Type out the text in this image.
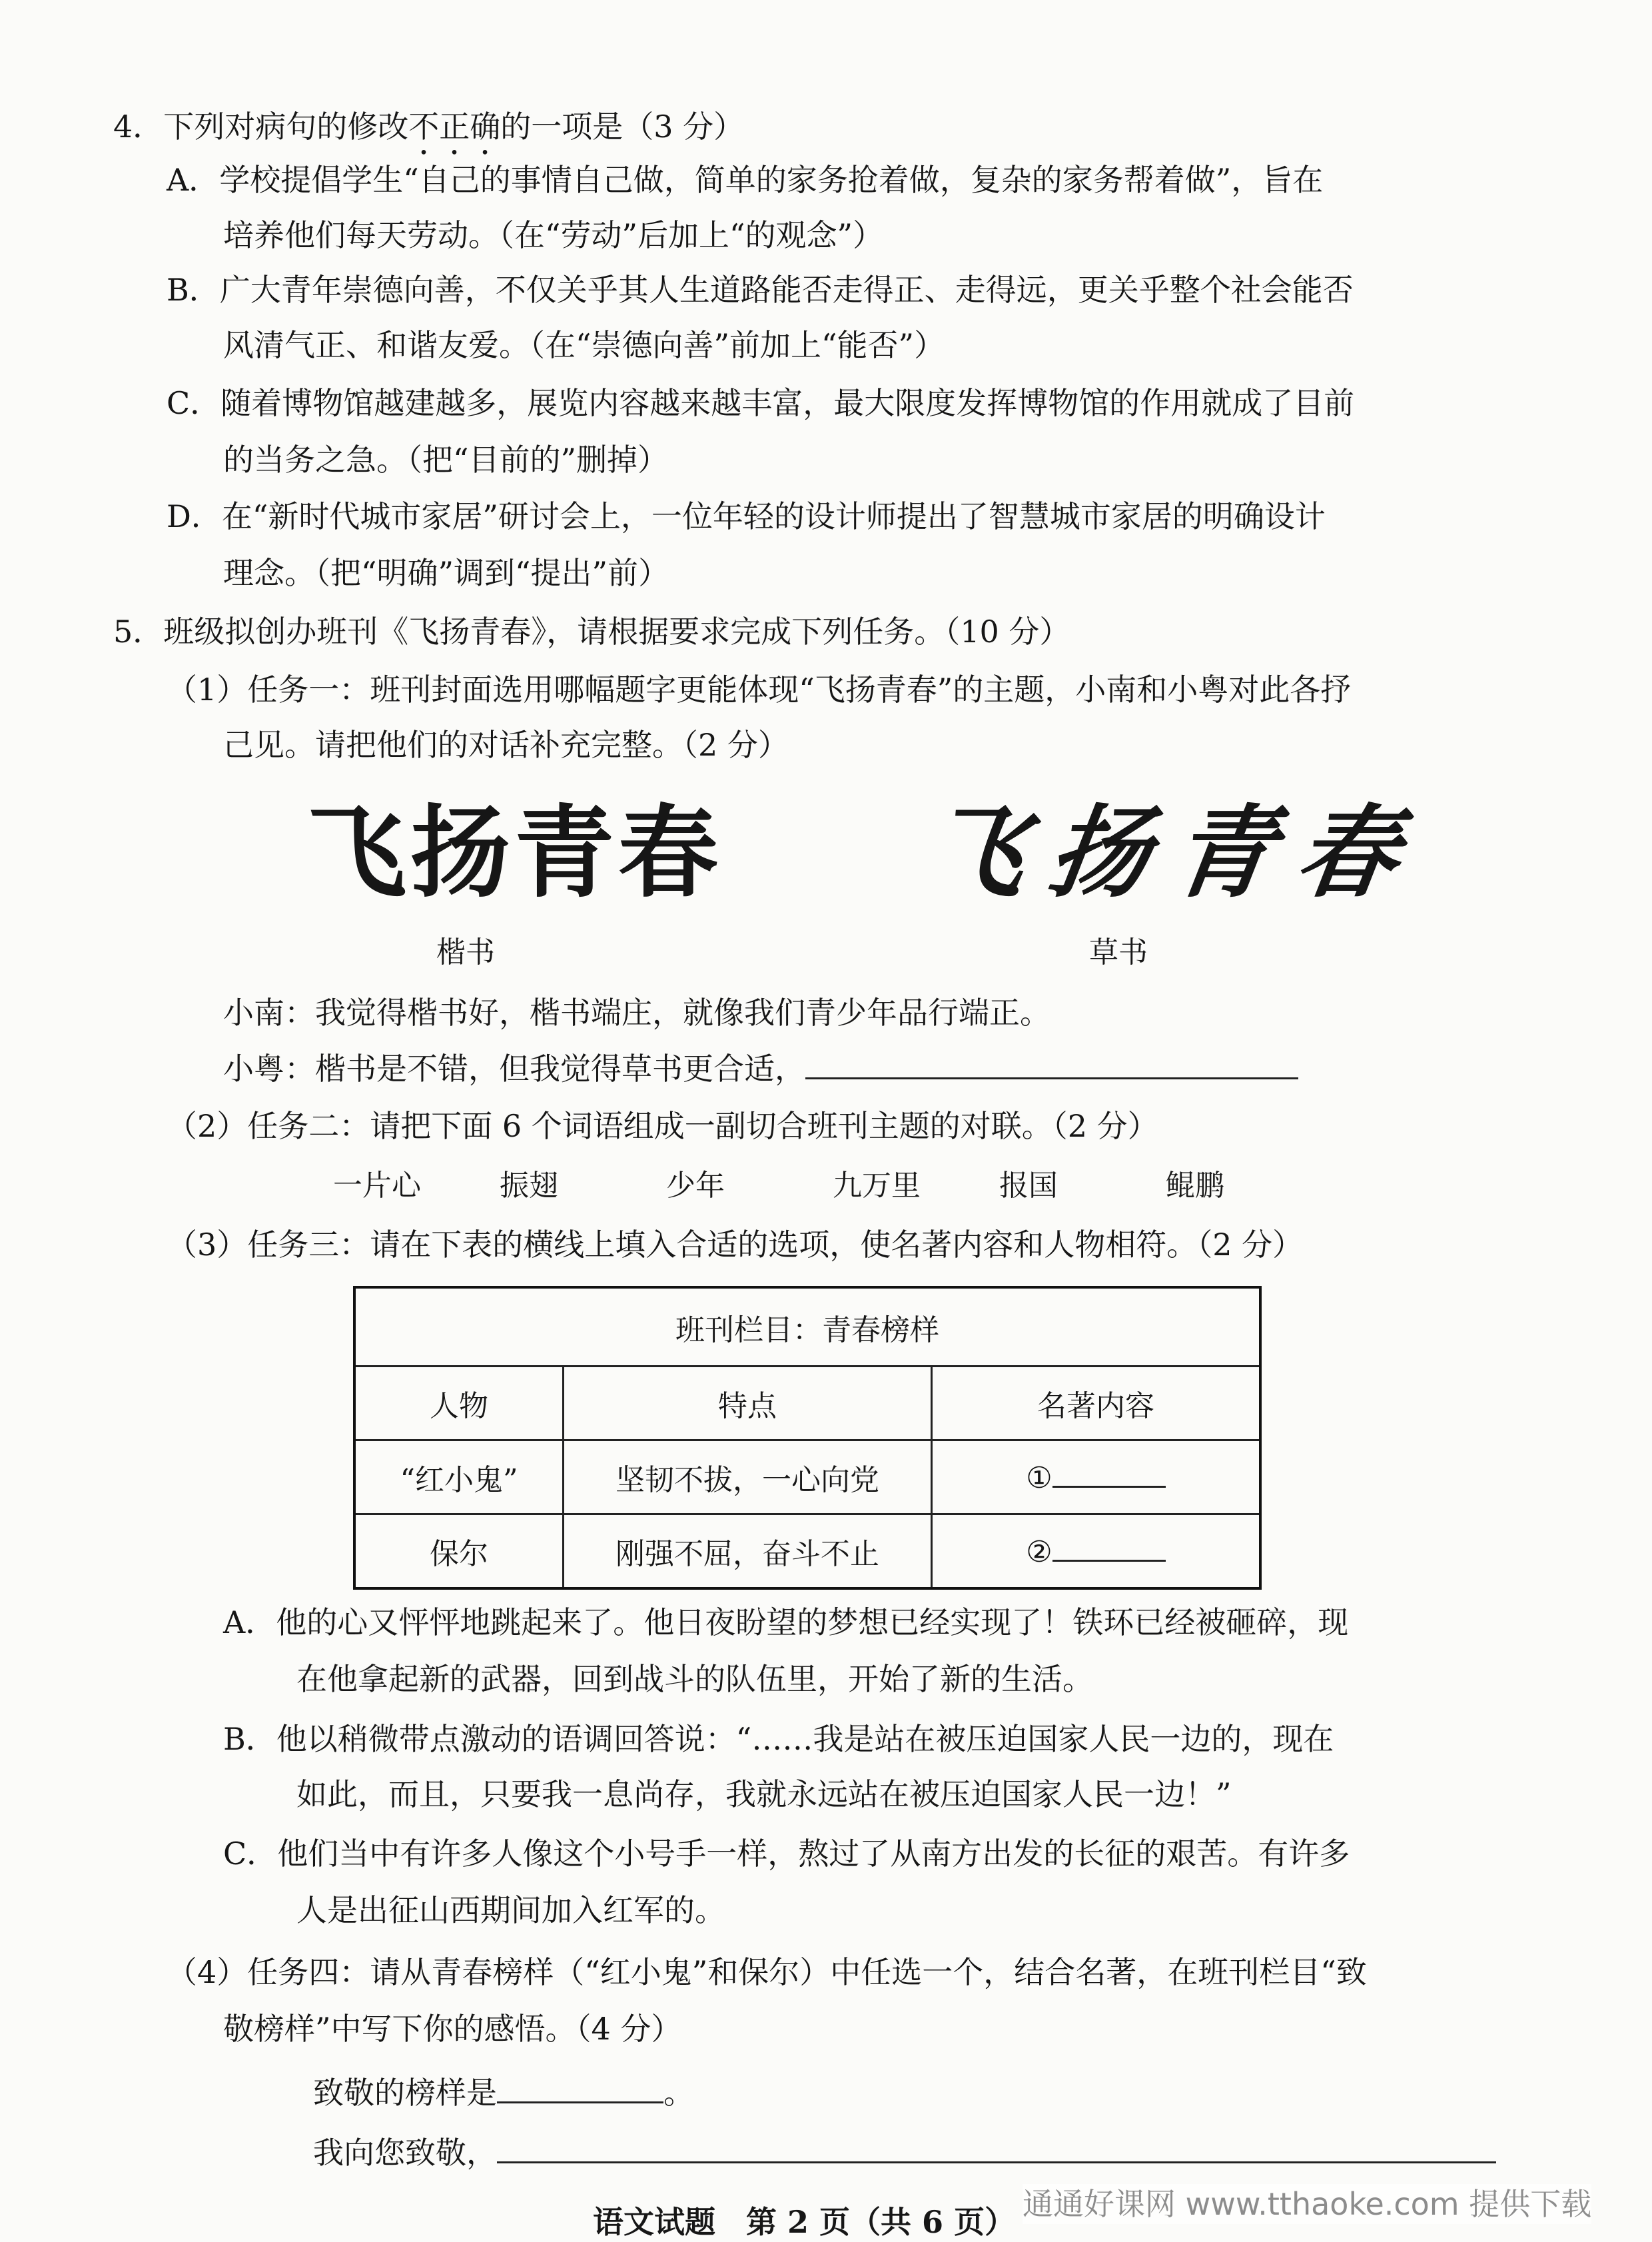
4．下列对病句的修改不正确的一项是（3 分）
A．学校提倡学生“自己的事情自己做，简单的家务抢着做，复杂的家务帮着做”，旨在
培养他们每天劳动。（在“劳动”后加上“的观念”）
B．广大青年崇德向善，不仅关乎其人生道路能否走得正、走得远，更关乎整个社会能否
风清气正、和谐友爱。（在“崇德向善”前加上“能否”）
C．随着博物馆越建越多，展览内容越来越丰富，最大限度发挥博物馆的作用就成了目前
的当务之急。（把“目前的”删掉）
D．在“新时代城市家居”研讨会上，一位年轻的设计师提出了智慧城市家居的明确设计
理念。（把“明确”调到“提出”前）
5．班级拟创办班刊《飞扬青春》，请根据要求完成下列任务。（10 分）
（1）任务一：班刊封面选用哪幅题字更能体现“飞扬青春”的主题，小南和小粤对此各抒
己见。请把他们的对话补充完整。（2 分）
飞扬青春 飞扬青春
楷书	草书
小南：我觉得楷书好，楷书端庄，就像我们青少年品行端正。
小粤：楷书是不错，但我觉得草书更合适，
（2）任务二：请把下面 6 个词语组成一副切合班刊主题的对联。（2 分）
一片心	振翅	少年	九万里	报国	鲲鹏
（3）任务三：请在下表的横线上填入合适的选项，使名著内容和人物相符。（2 分）
班刊栏目：青春榜样		
人物	特点	名著内容
“红小鬼”	坚韧不拔，一心向党	①
保尔	刚强不屈，奋斗不止	②
A．他的心又怦怦地跳起来了。他日夜盼望的梦想已经实现了！铁环已经被砸碎，现
在他拿起新的武器，回到战斗的队伍里，开始了新的生活。
B．他以稍微带点激动的语调回答说：“……我是站在被压迫国家人民一边的，现在
如此，而且，只要我一息尚存，我就永远站在被压迫国家人民一边！”
C．他们当中有许多人像这个小号手一样，熬过了从南方出发的长征的艰苦。有许多
人是出征山西期间加入红军的。
（4）任务四：请从青春榜样（“红小鬼”和保尔）中任选一个，结合名著，在班刊栏目“致
敬榜样”中写下你的感悟。（4 分）
致敬的榜样是	。
我向您致敬，
语文试题　第 2 页（共 6 页） 通通好课网 www.tthaoke.com 提供下载
